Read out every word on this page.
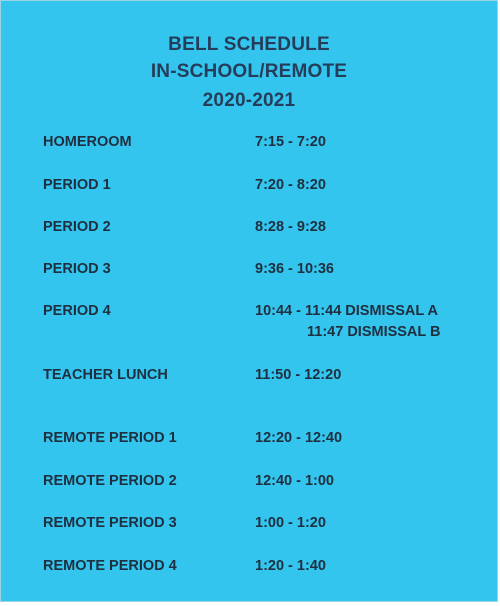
BELL SCHEDULE
IN-SCHOOL/REMOTE
2020-2021
HOMEROOM	7:15 - 7:20
PERIOD 1	7:20 - 8:20
PERIOD 2	8:28 - 9:28
PERIOD 3	9:36 - 10:36
PERIOD 4	10:44 - 11:44 DISMISSAL A
11:47 DISMISSAL B
TEACHER LUNCH	11:50 - 12:20
REMOTE PERIOD 1	12:20 - 12:40
REMOTE PERIOD 2	12:40 - 1:00
REMOTE PERIOD 3	1:00 - 1:20
REMOTE PERIOD 4	1:20 - 1:40
